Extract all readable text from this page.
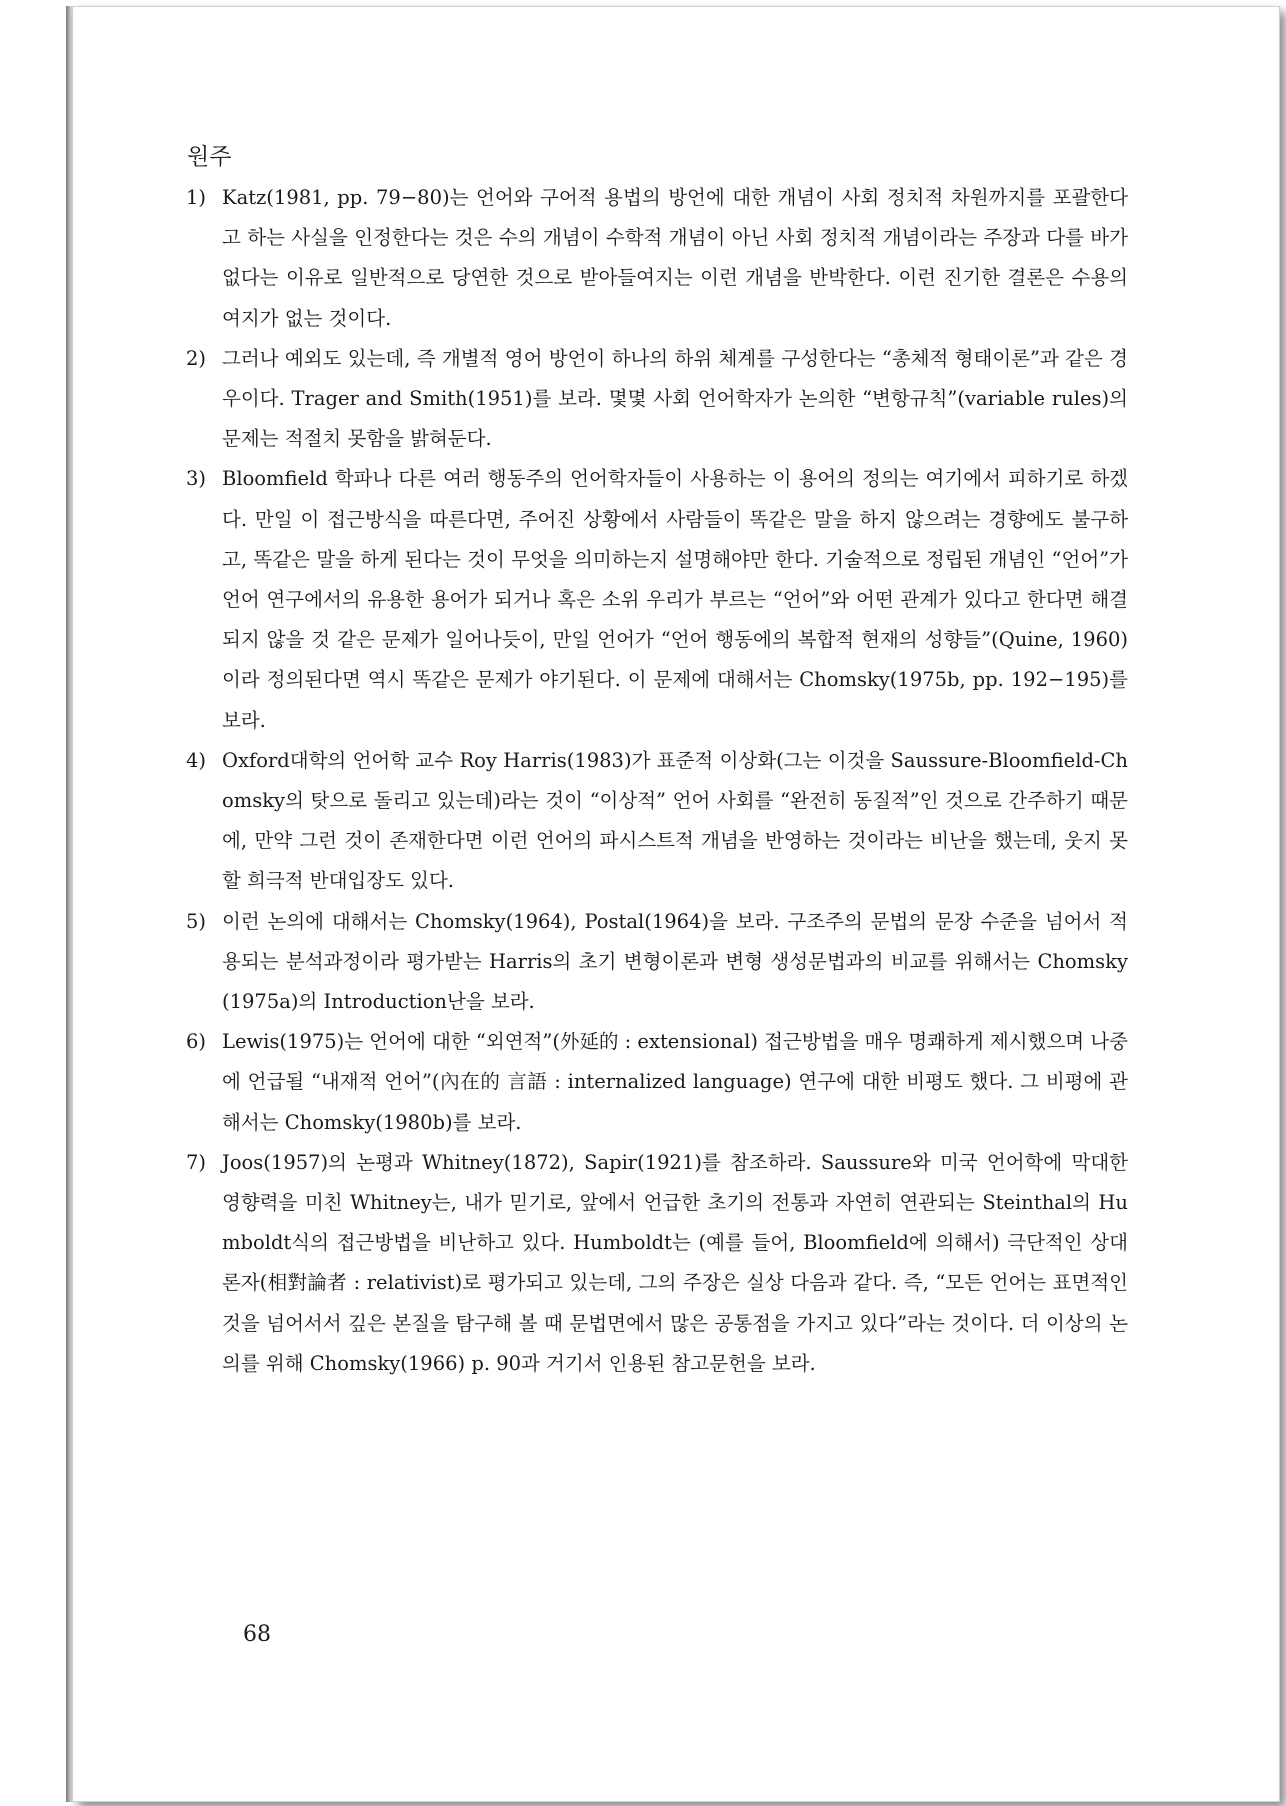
원주
1) Katz(1981, pp. 79−80)는 언어와 구어적 용법의 방언에 대한 개념이 사회 정치적 차원까지를 포괄한다고 하는 사실을 인정한다는 것은 수의 개념이 수학적 개념이 아닌 사회 정치적 개념이라는 주장과 다를 바가 없다는 이유로 일반적으로 당연한 것으로 받아들여지는 이런 개념을 반박한다. 이런 진기한 결론은 수용의 여지가 없는 것이다.
2) 그러나 예외도 있는데, 즉 개별적 영어 방언이 하나의 하위 체계를 구성한다는 “총체적 형태이론”과 같은 경우이다. Trager and Smith(1951)를 보라. 몇몇 사회 언어학자가 논의한 “변항규칙”(variable rules)의 문제는 적절치 못함을 밝혀둔다.
3) Bloomfield 학파나 다른 여러 행동주의 언어학자들이 사용하는 이 용어의 정의는 여기에서 피하기로 하겠다. 만일 이 접근방식을 따른다면, 주어진 상황에서 사람들이 똑같은 말을 하지 않으려는 경향에도 불구하고, 똑같은 말을 하게 된다는 것이 무엇을 의미하는지 설명해야만 한다. 기술적으로 정립된 개념인 “언어”가 언어 연구에서의 유용한 용어가 되거나 혹은 소위 우리가 부르는 “언어”와 어떤 관계가 있다고 한다면 해결되지 않을 것 같은 문제가 일어나듯이, 만일 언어가 “언어 행동에의 복합적 현재의 성향들”(Quine, 1960)이라 정의된다면 역시 똑같은 문제가 야기된다. 이 문제에 대해서는 Chomsky(1975b, pp. 192−195)를 보라.
4) Oxford대학의 언어학 교수 Roy Harris(1983)가 표준적 이상화(그는 이것을 Saussure-Bloomfield-Chomsky의 탓으로 돌리고 있는데)라는 것이 “이상적” 언어 사회를 “완전히 동질적”인 것으로 간주하기 때문에, 만약 그런 것이 존재한다면 이런 언어의 파시스트적 개념을 반영하는 것이라는 비난을 했는데, 웃지 못할 희극적 반대입장도 있다.
5) 이런 논의에 대해서는 Chomsky(1964), Postal(1964)을 보라. 구조주의 문법의 문장 수준을 넘어서 적용되는 분석과정이라 평가받는 Harris의 초기 변형이론과 변형 생성문법과의 비교를 위해서는 Chomsky(1975a)의 Introduction난을 보라.
6) Lewis(1975)는 언어에 대한 “외연적”(外延的 : extensional) 접근방법을 매우 명쾌하게 제시했으며 나중에 언급될 “내재적 언어”(內在的 言語 : internalized language) 연구에 대한 비평도 했다. 그 비평에 관해서는 Chomsky(1980b)를 보라.
7) Joos(1957)의 논평과 Whitney(1872), Sapir(1921)를 참조하라. Saussure와 미국 언어학에 막대한 영향력을 미친 Whitney는, 내가 믿기로, 앞에서 언급한 초기의 전통과 자연히 연관되는 Steinthal의 Humboldt식의 접근방법을 비난하고 있다. Humboldt는 (예를 들어, Bloomfield에 의해서) 극단적인 상대론자(相對論者 : relativist)로 평가되고 있는데, 그의 주장은 실상 다음과 같다. 즉, “모든 언어는 표면적인 것을 넘어서서 깊은 본질을 탐구해 볼 때 문법면에서 많은 공통점을 가지고 있다”라는 것이다. 더 이상의 논의를 위해 Chomsky(1966) p. 90과 거기서 인용된 참고문헌을 보라.
68
